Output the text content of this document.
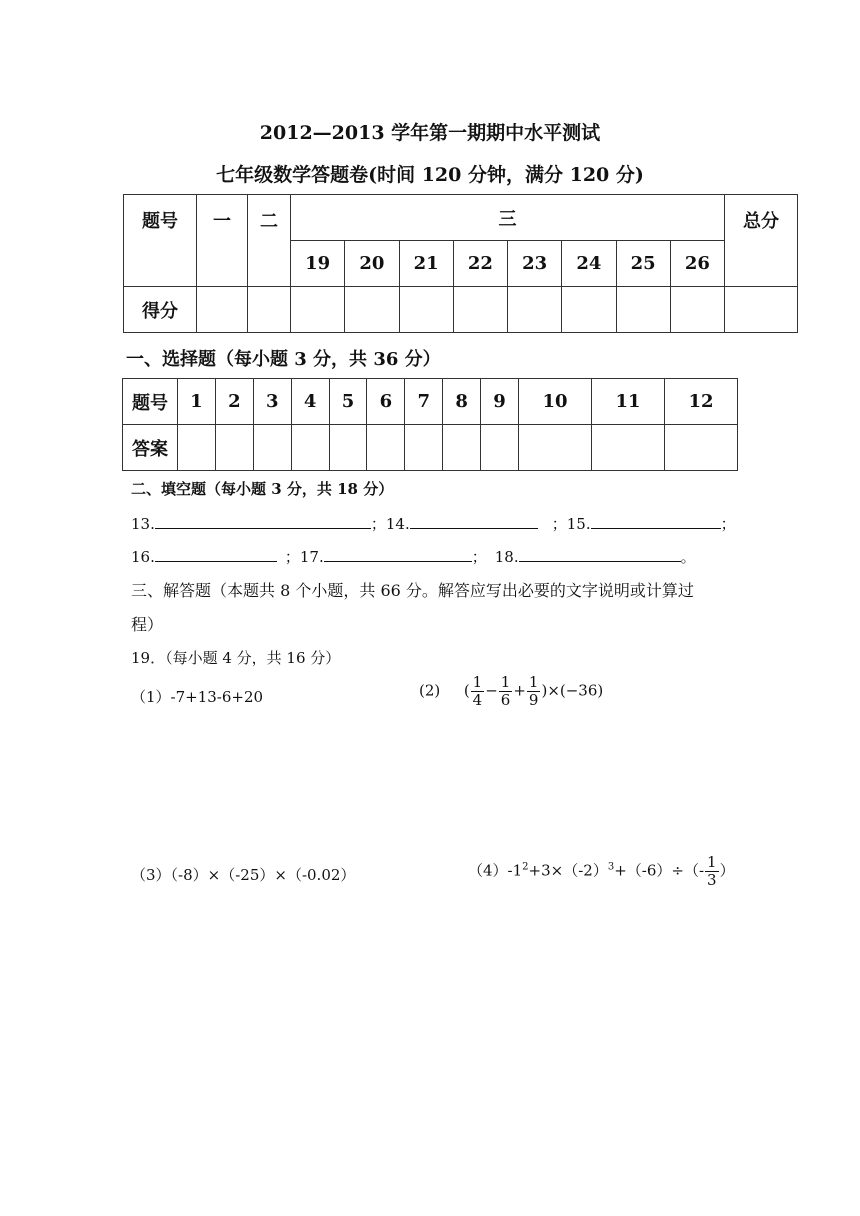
2012—2013 学年第一期期中水平测试
七年级数学答题卷(时间 120 分钟，满分 120 分)
题号	一	二	三								总分
			19	20	21	22	23	24	25	26	
得分											
一、选择题（每小题 3 分，共 36 分）
题号	1	2	3	4	5	6	7	8	9	10	11	12
答案												
二、填空题（每小题 3 分，共 18 分）
13.	；14.	；15.	；
16.	；17.	； 18.	。
三、解答题（本题共 8 个小题，共 66 分。解答应写出必要的文字说明或计算过
程）
19．（每小题 4 分，共 16 分）
（1）-7+13-6+20	(2) ( $\frac{1}{4} - \frac{1}{6} + \frac{1}{9} )\times(-36)$
（3）（-8）×（-25）×（-0.02）	$(4)-1^2+3\times(-2)^3+(-6)\div(- \frac{1}{3}$ ）
